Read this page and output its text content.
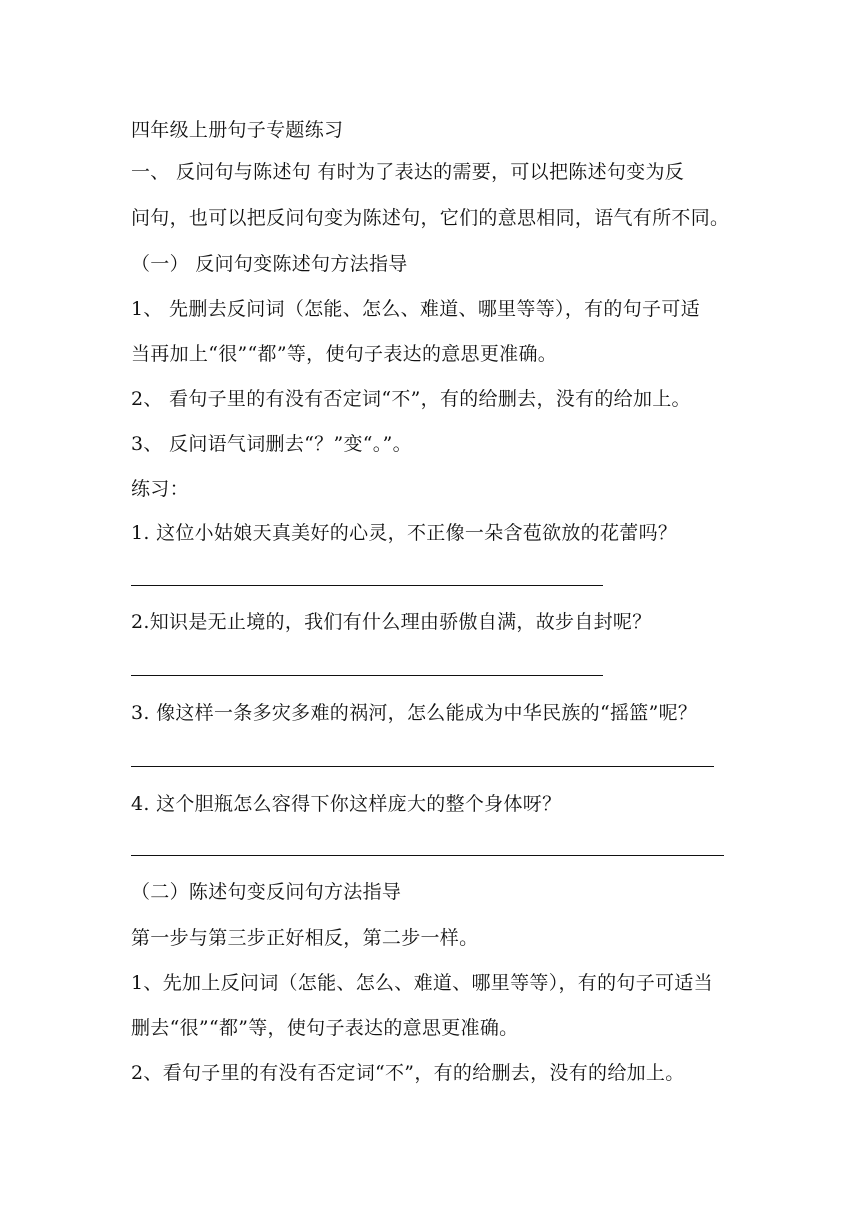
四年级上册句子专题练习
一、 反问句与陈述句 有时为了表达的需要，可以把陈述句变为反
问句，也可以把反问句变为陈述句，它们的意思相同，语气有所不同。
（一） 反问句变陈述句方法指导
1、 先删去反问词（怎能、怎么、难道、哪里等等），有的句子可适
当再加上“很”“都”等，使句子表达的意思更准确。
2、 看句子里的有没有否定词“不”，有的给删去，没有的给加上。
3、 反问语气词删去“？”变“。”。
练习：
1. 这位小姑娘天真美好的心灵，不正像一朵含苞欲放的花蕾吗？
2.知识是无止境的，我们有什么理由骄傲自满，故步自封呢？
3. 像这样一条多灾多难的祸河，怎么能成为中华民族的“摇篮”呢？
4. 这个胆瓶怎么容得下你这样庞大的整个身体呀？
（二）陈述句变反问句方法指导
第一步与第三步正好相反，第二步一样。
1、先加上反问词（怎能、怎么、难道、哪里等等），有的句子可适当
删去“很”“都”等，使句子表达的意思更准确。
2、看句子里的有没有否定词“不”，有的给删去，没有的给加上。
